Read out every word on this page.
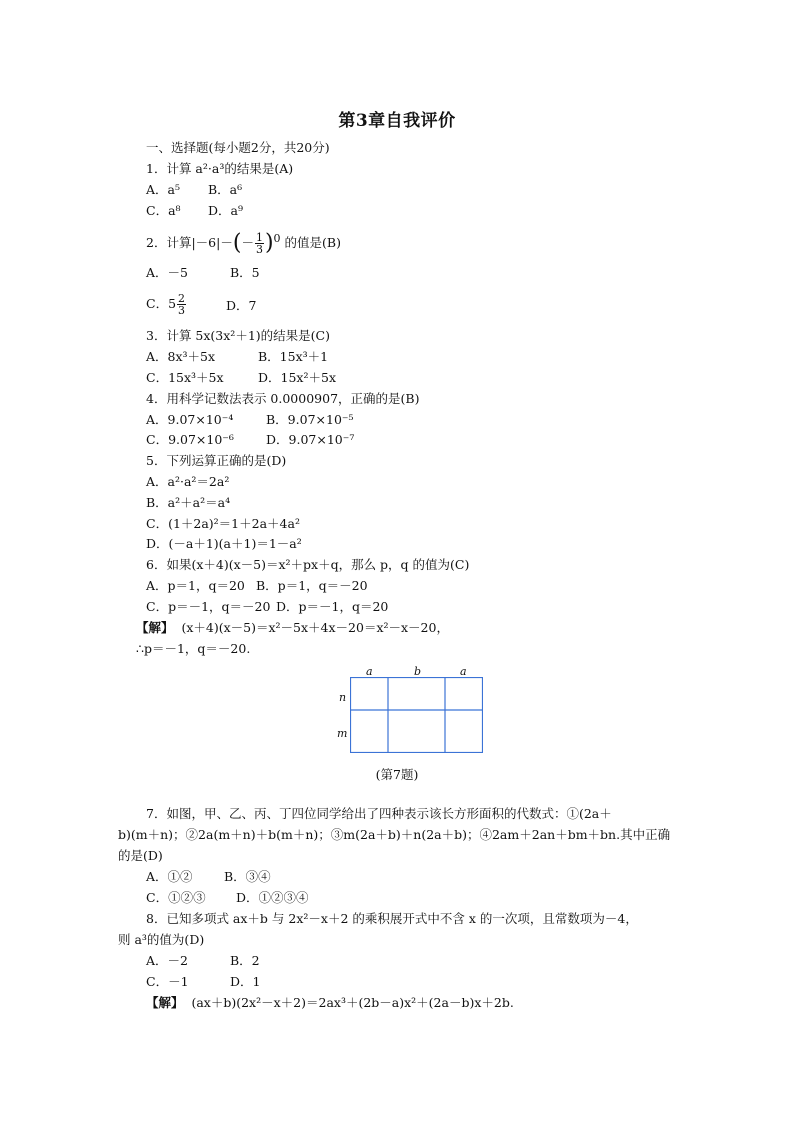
第3章自我评价
一、选择题(每小题2分，共20分)
1．计算 a²·a³的结果是(A)
A．a⁵ B．a⁶
C．a⁸ D．a⁹
2．计算$|-6|-(- \frac{1}{3} )^0$ 的值是(B)
A．－5	B．5
C．$5 \frac{2}{3}$	D．7
3．计算 5x(3x²＋1)的结果是(C)
A．8x³＋5x	B．15x³＋1
C．15x³＋5x	D．15x²＋5x
4．用科学记数法表示 0.0000907，正确的是(B)
A．9.07×10⁻⁴	B．9.07×10⁻⁵
C．9.07×10⁻⁶	D．9.07×10⁻⁷
5．下列运算正确的是(D)
A．a²·a²＝2a²
B．a²＋a²＝a⁴
C．(1＋2a)²＝1＋2a＋4a²
D．(－a＋1)(a＋1)＝1－a²
6．如果(x＋4)(x－5)＝x²＋px＋q，那么 p，q 的值为(C)
A．p＝1，q＝20 B．p＝1，q＝－20
C．p＝－1，q＝－20 D．p＝－1，q＝20
【解】 (x＋4)(x－5)＝x²－5x＋4x－20＝x²－x－20，
∴p＝－1，q＝－20.
a	b	a
n
m
(第7题)
7．如图，甲、乙、丙、丁四位同学给出了四种表示该长方形面积的代数式：①(2a＋
b)(m＋n)；②2a(m＋n)＋b(m＋n)；③m(2a＋b)＋n(2a＋b)；④2am＋2an＋bm＋bn.其中正确
的是(D)
A．①②	B．③④
C．①②③ D．①②③④
8．已知多项式 ax＋b 与 2x²－x＋2 的乘积展开式中不含 x 的一次项，且常数项为－4，
则 a³的值为(D)
A．－2	B．2
C．－1	D．1
【解】 (ax＋b)(2x²－x＋2)＝2ax³＋(2b－a)x²＋(2a－b)x＋2b.
